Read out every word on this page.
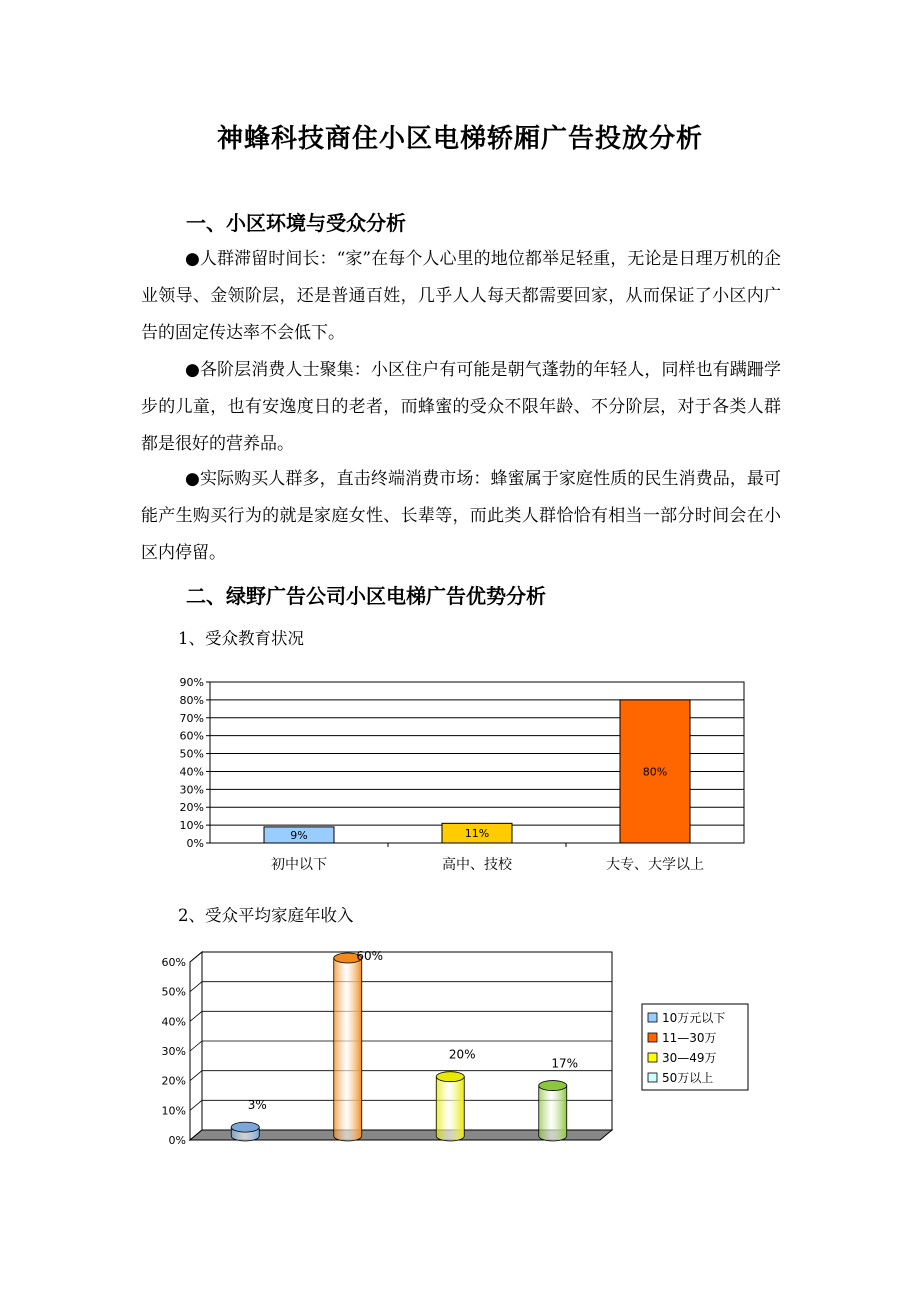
神蜂科技商住小区电梯轿厢广告投放分析
一、小区环境与受众分析
●人群滞留时间长：“家”在每个人心里的地位都举足轻重，无论是日理万机的企业领导、金领阶层，还是普通百姓，几乎人人每天都需要回家，从而保证了小区内广告的固定传达率不会低下。
●各阶层消费人士聚集：小区住户有可能是朝气蓬勃的年轻人，同样也有蹒跚学步的儿童，也有安逸度日的老者，而蜂蜜的受众不限年龄、不分阶层，对于各类人群都是很好的营养品。
●实际购买人群多，直击终端消费市场：蜂蜜属于家庭性质的民生消费品，最可能产生购买行为的就是家庭女性、长辈等，而此类人群恰恰有相当一部分时间会在小区内停留。
二、绿野广告公司小区电梯广告优势分析
1、受众教育状况
0%
10%
20%
30%
40%
50%
60%
70%
80%
90%
9%
初中以下
11%
高中、技校
80%
大专、大学以上
2、受众平均家庭年收入
0%
10%
20%
30%
40%
50%
60%
3%
60%
20%
17%
10万元以下
11—30万
30—49万
50万以上
